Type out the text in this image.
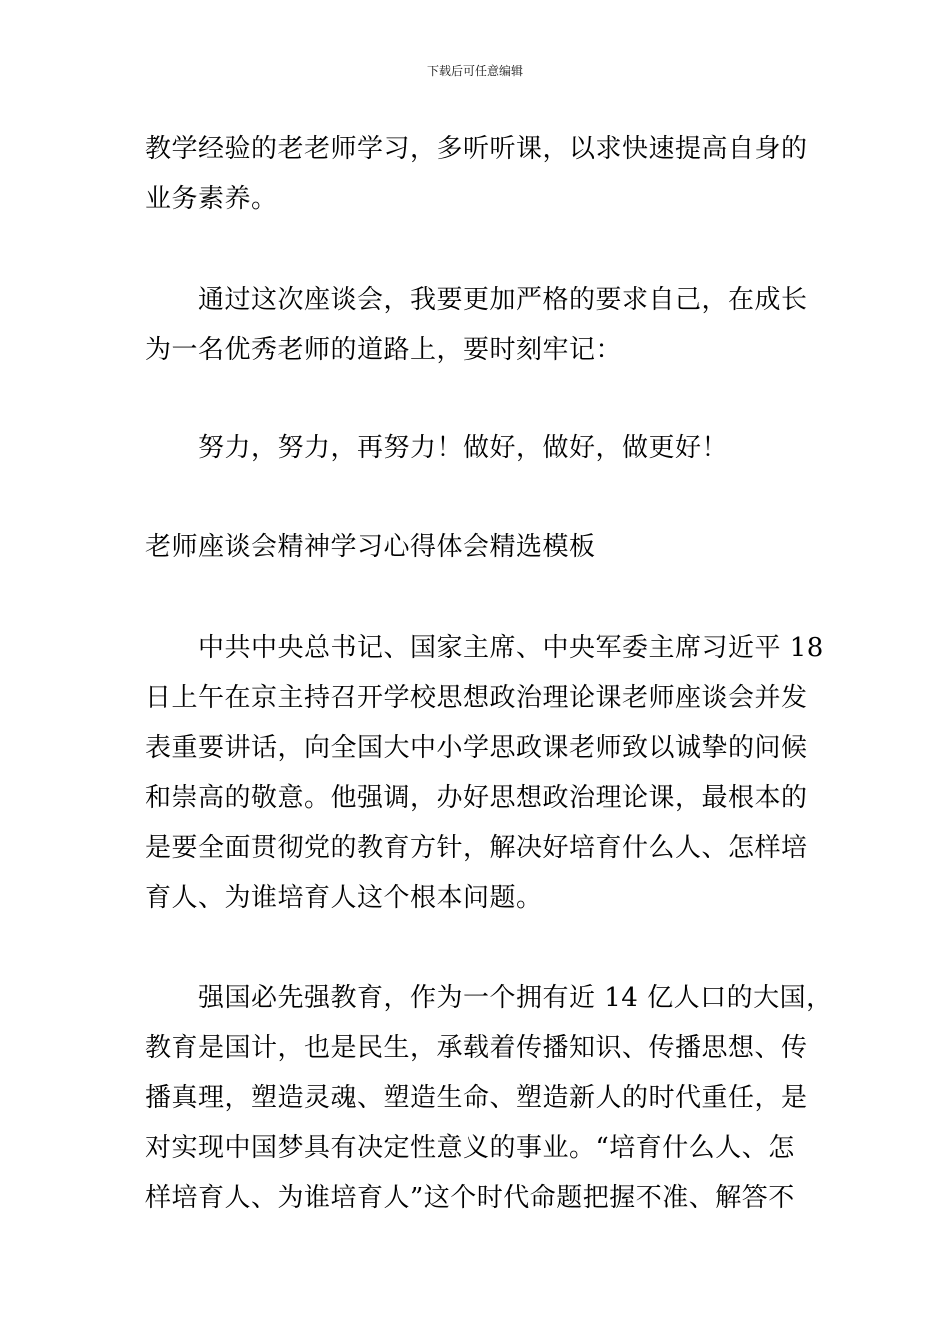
下载后可任意编辑
教学经验的老老师学习，多听听课，以求快速提高自身的
业务素养。
通过这次座谈会，我要更加严格的要求自己，在成长
为一名优秀老师的道路上，要时刻牢记：
努力，努力，再努力！做好，做好，做更好！
老师座谈会精神学习心得体会精选模板
中共中央总书记、国家主席、中央军委主席习近平 18
日上午在京主持召开学校思想政治理论课老师座谈会并发
表重要讲话，向全国大中小学思政课老师致以诚挚的问候
和崇高的敬意。他强调，办好思想政治理论课，最根本的
是要全面贯彻党的教育方针，解决好培育什么人、怎样培
育人、为谁培育人这个根本问题。
强国必先强教育，作为一个拥有近 14 亿人口的大国，
教育是国计，也是民生，承载着传播知识、传播思想、传
播真理，塑造灵魂、塑造生命、塑造新人的时代重任，是
对实现中国梦具有决定性意义的事业。“培育什么人、怎
样培育人、为谁培育人”这个时代命题把握不准、解答不
